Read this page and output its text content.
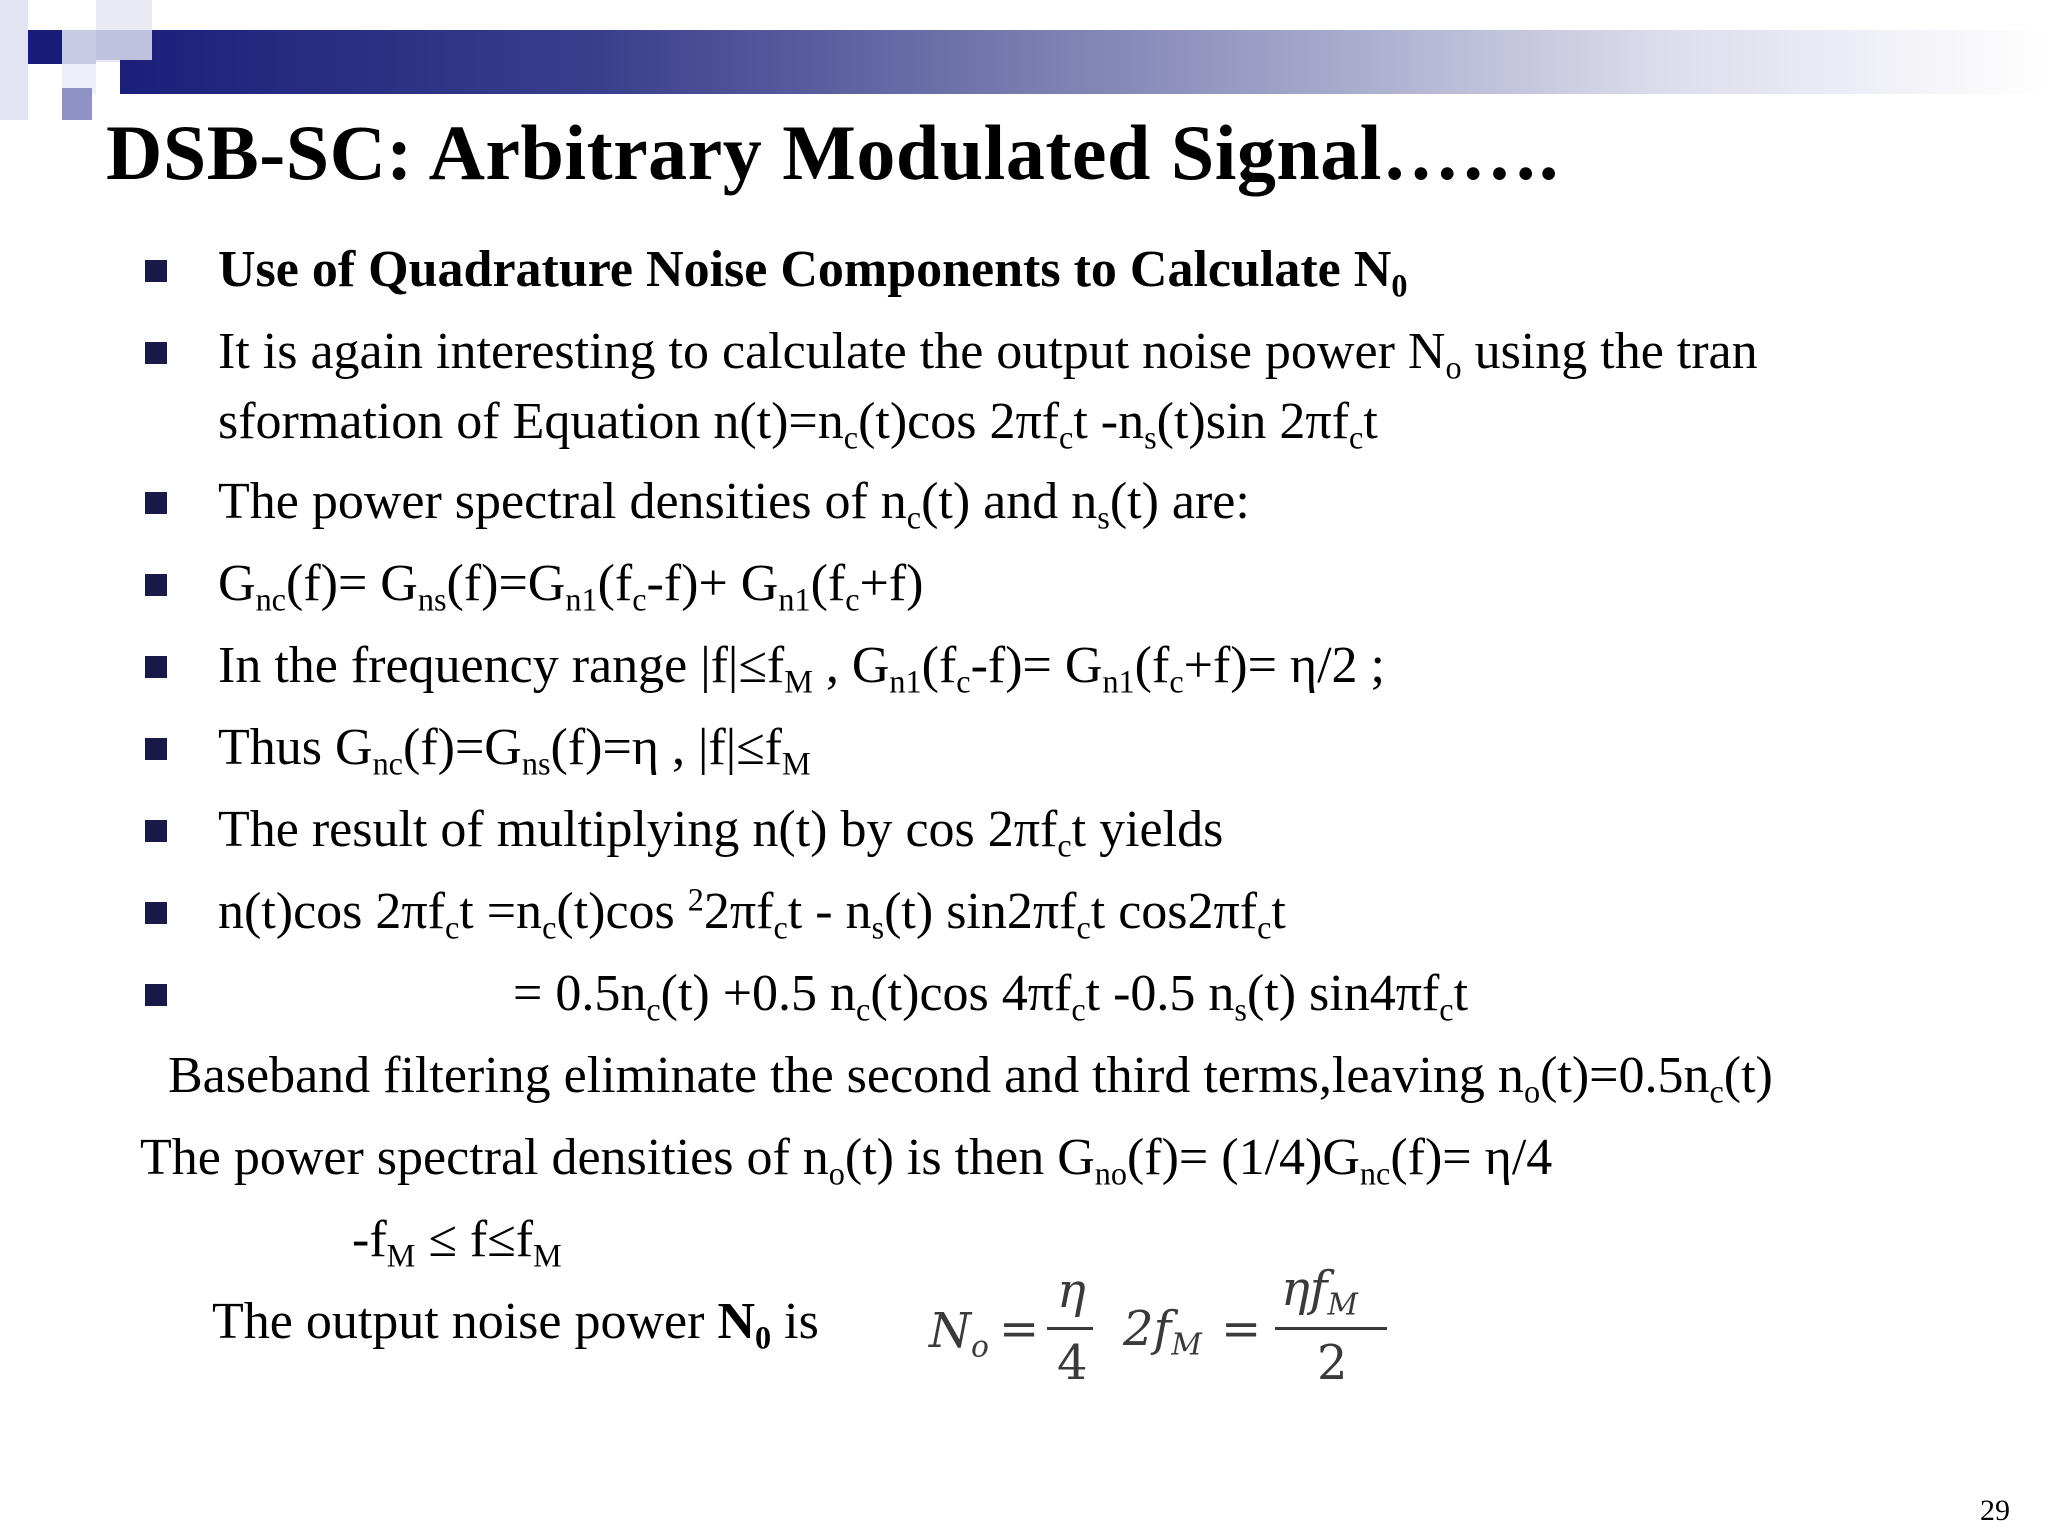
DSB-SC: Arbitrary Modulated Signal…….
Use of Quadrature Noise Components to Calculate $N_0$
It is again interesting to calculate the output noise power $N_o$ using the tran
sformation of Equation $n(t)=n_c(t)\cos$ $2\pi f_ct$ $-n_s(t)\sin$ $2\pi f_ct$
The power spectral densities of $n_c(t)$ and $n_s(t)$ are:
$G_{nc}(f)= G_{ns}(f)=G_{n1}(f_c-f)+ G_{n1}(f_c+f)$
In the frequency range $|f|\le f_M$ , $G_{n1}(f_c-f)= G_{n1}(f_c+f)= \eta/2$ ;
Thus $G_{nc}(f)=G_{ns}(f)=\eta$ , $|f|\le f_M$
The result of multiplying n(t) by $\cos 2\pi f_ct$ yields
n(t)cos $2\pi f_ct =n_c(t)\cos$ $^22\pi f_ct - n_s(t)$ $\sin 2\pi f_ct$ $\cos 2\pi f_ct$
= $0.5n_c(t) +0.5$ $n_c(t)\cos$ $4\pi f_ct$ -0.5 $n_s(t)$ $\sin 4\pi f_ct$
Baseband filtering eliminate the second and third terms,leaving $n_o(t)=0.5n_c(t)$
The power spectral densities of $n_o(t)$ is then $G_{no}(f)= (1/4)G_{nc}(f)= \eta/4$
$-f_M \le f\le f_M$
The output noise power $N_0$ is $N_o$ =
η
4
$2f_M$ =
$\eta f_M$
2
29
